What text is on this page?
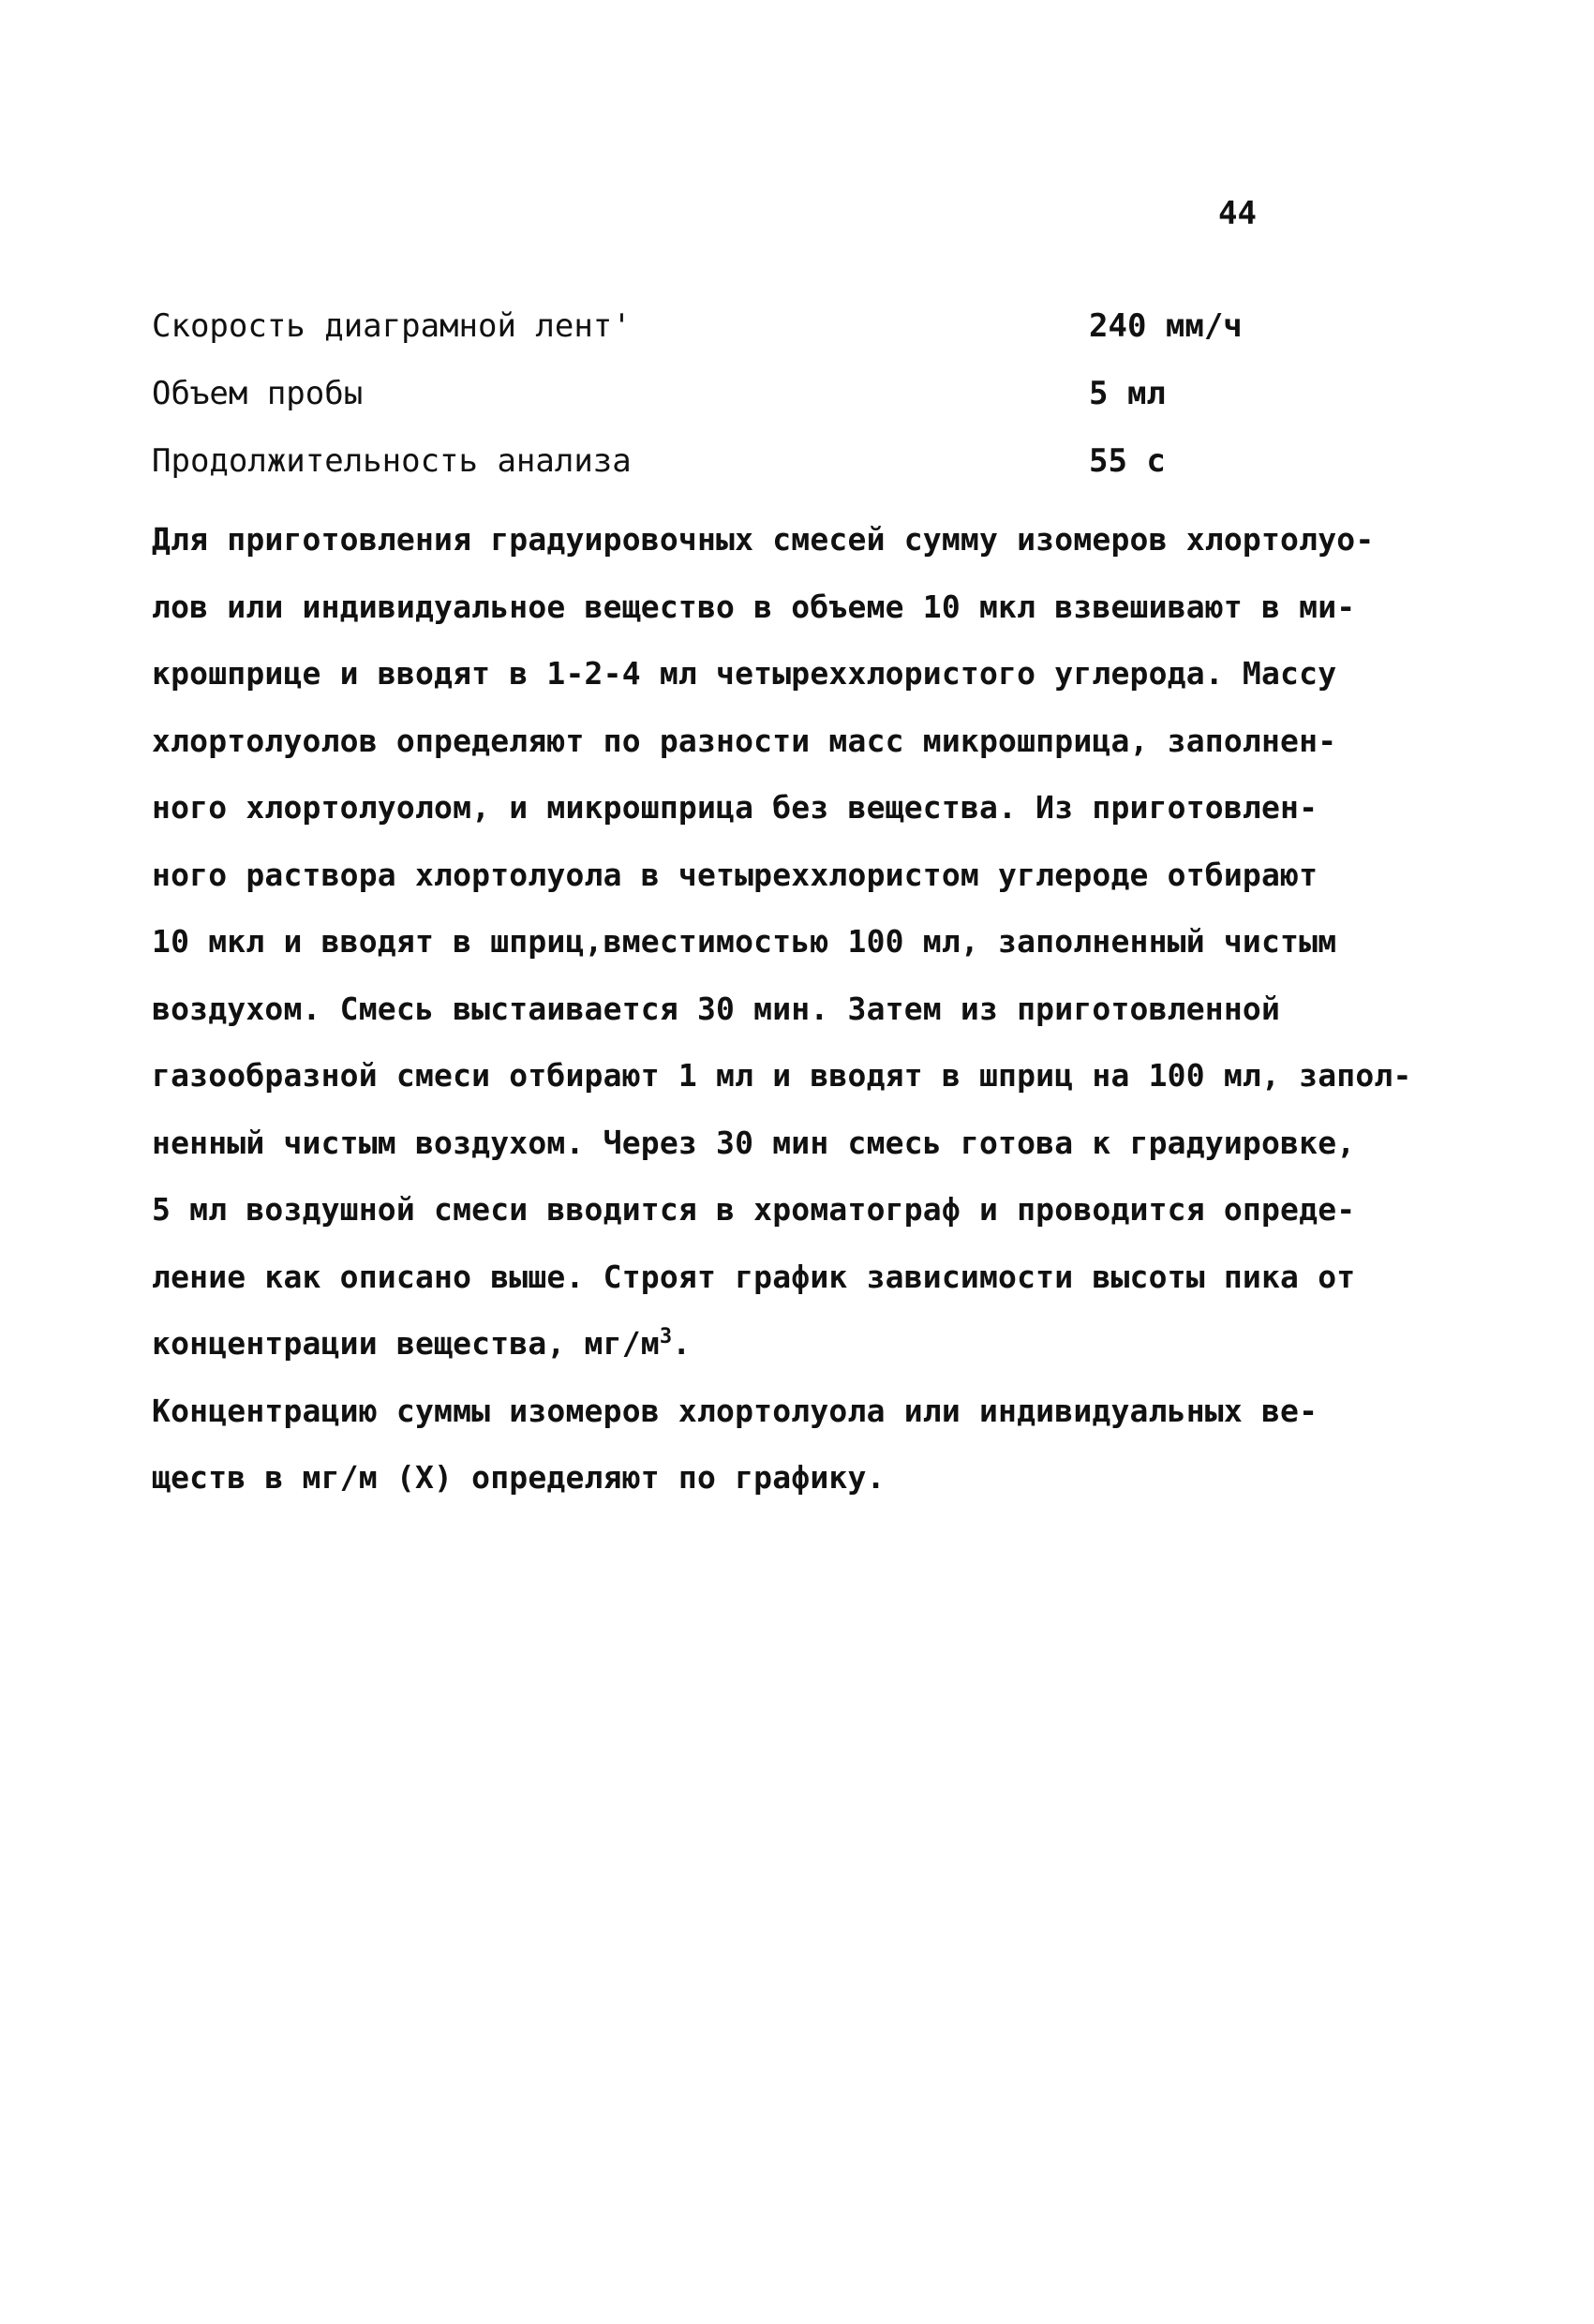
44
Скорость диаграмной лент'	240 мм/ч
Объем пробы	5 мл
Продолжительность анализа	55 с
Для приготовления градуировочных смесей сумму изомеров хлортолуо-
лов или индивидуальное вещество в объеме 10 мкл взвешивают в ми-
крошприце и вводят в 1-2-4 мл четыреххлористого углерода. Массу
хлортолуолов определяют по разности масс микрошприца, заполнен-
ного хлортолуолом, и микрошприца без вещества. Из приготовлен-
ного раствора хлортолуола в четыреххлористом углероде отбирают
10 мкл и вводят в шприц,вместимостью 100 мл, заполненный чистым
воздухом. Смесь выстаивается 30 мин. Затем из приготовленной
газообразной смеси отбирают 1 мл и вводят в шприц на 100 мл, запол-
ненный чистым воздухом. Через 30 мин смесь готова к градуировке,
5 мл воздушной смеси вводится в хроматограф и проводится опреде-
ление как описано выше. Строят график зависимости высоты пика от
концентрации вещества, $мг/м^3$.
Концентрацию суммы изомеров хлортолуола или индивидуальных ве-
ществ в мг/м (X) определяют по графику.
